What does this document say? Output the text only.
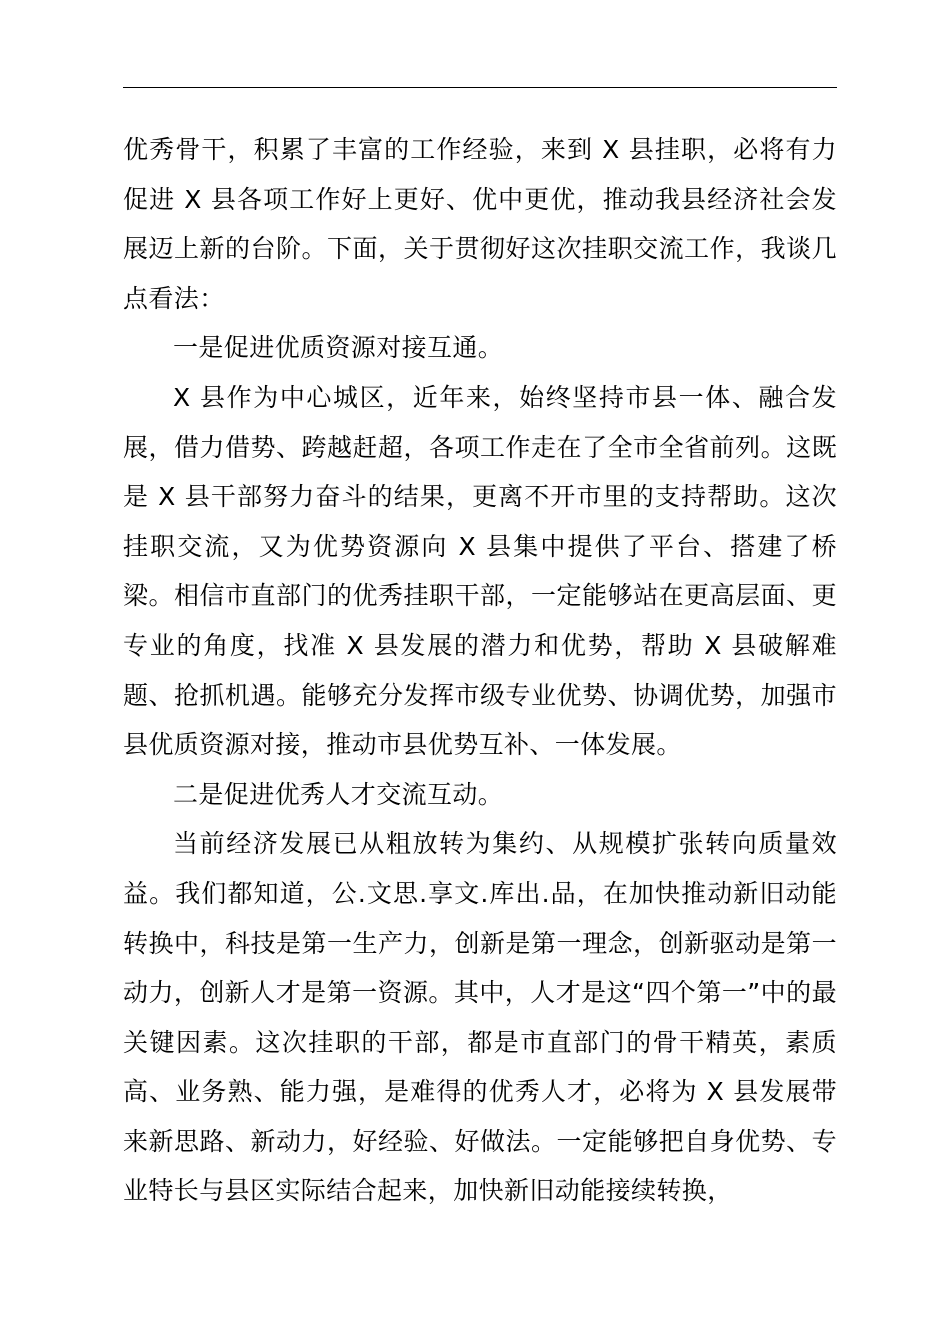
优秀骨干，积累了丰富的工作经验，来到 X 县挂职，必将有力促进 X 县各项工作好上更好、优中更优，推动我县经济社会发展迈上新的台阶。下面，关于贯彻好这次挂职交流工作，我谈几点看法：

一是促进优质资源对接互通。

X 县作为中心城区，近年来，始终坚持市县一体、融合发展，借力借势、跨越赶超，各项工作走在了全市全省前列。这既是 X 县干部努力奋斗的结果，更离不开市里的支持帮助。这次挂职交流，又为优势资源向 X 县集中提供了平台、搭建了桥梁。相信市直部门的优秀挂职干部，一定能够站在更高层面、更专业的角度，找准 X 县发展的潜力和优势，帮助 X 县破解难题、抢抓机遇。能够充分发挥市级专业优势、协调优势，加强市县优质资源对接，推动市县优势互补、一体发展。

二是促进优秀人才交流互动。

当前经济发展已从粗放转为集约、从规模扩张转向质量效益。我们都知道，公.文思.享文.库出.品，在加快推动新旧动能转换中，科技是第一生产力，创新是第一理念，创新驱动是第一动力，创新人才是第一资源。其中，人才是这“四个第一”中的最关键因素。这次挂职的干部，都是市直部门的骨干精英，素质高、业务熟、能力强，是难得的优秀人才，必将为 X 县发展带来新思路、新动力，好经验、好做法。一定能够把自身优势、专业特长与县区实际结合起来，加快新旧动能接续转换，
